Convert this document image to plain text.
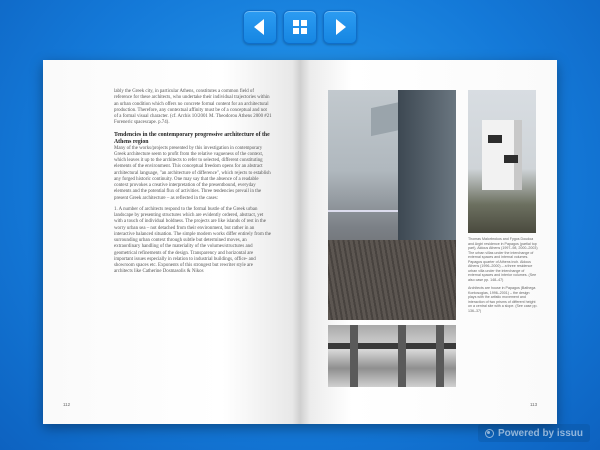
lably the Greek city, in particular Athens, constitutes a common field of reference for these architects, who undertake their individual trajectories within an urban condition which offers no concrete formal content for an architectural production. Therefore, any contextual affinity must be of a conceptual and not of a formal visual character. (cf. Archis 10/2001 M. Theodorou Athens 2000 #21 Foreneric spacescape. p.74).

Tendencies in the contemporary progressive architecture of the Athens region

Many of the works/projects presented by this investigation in contemporary Greek architecture seem to profit from the relative vagueness of the context, which leaves it up to the architects to refer to selected, different constituting elements of the environment. This conceptual freedom opens for an abstract architectural language, "an architecture of difference", which rejects to establish any forged historic continuity. One may say that the absence of a readable context provokes a creative interpretation of the presentbound, everyday elements and the potential flux of activities. Three tendencies prevail in the present Greek architecture – as reflected in the cases:

1. A number of architects respond to the formal bustle of the Greek urban landscape by presenting structures which are evidently ordered, abstract, yet with a touch of individual boldness. The projects are like islands of rest in the worry urban sea – not detached from their environment, but rather in an interactive balanced situation. The simple modern works differ entirely from the surrounding urban context through subtle but determined moves, an extraordinary handling of the materiality of the volumes/structures and geometrical refinements of the design. Transparency and horizontal are important issues especially in relation to industrial buildings, office- and showroom spaces etc. Exponents of this strongest but rewriter style are architects like Catherine Dosmasolis & Nikos

112

Thomas Malorbrokos and Fygos Doudoa and Argiri residence in Papagos (partial top part), Aldous Athens (1997–98, 2000–2003) The urban villas under the interchange of external spaces and internal volumes. Papagos quarter of Athens inch. Aldous Athens (1996–2000) – a three residence urban villa under the interchange of external spaces and interior volumes. (See also case pp. 148–47)

Architects are house in Papagos (Bathega Kontosogias, 1996–2001) – the design plays with the artistic movement and interaction of two prisms of different height on a central site with a slope. (See case pp. 136–37)

113
Powered by issuu
